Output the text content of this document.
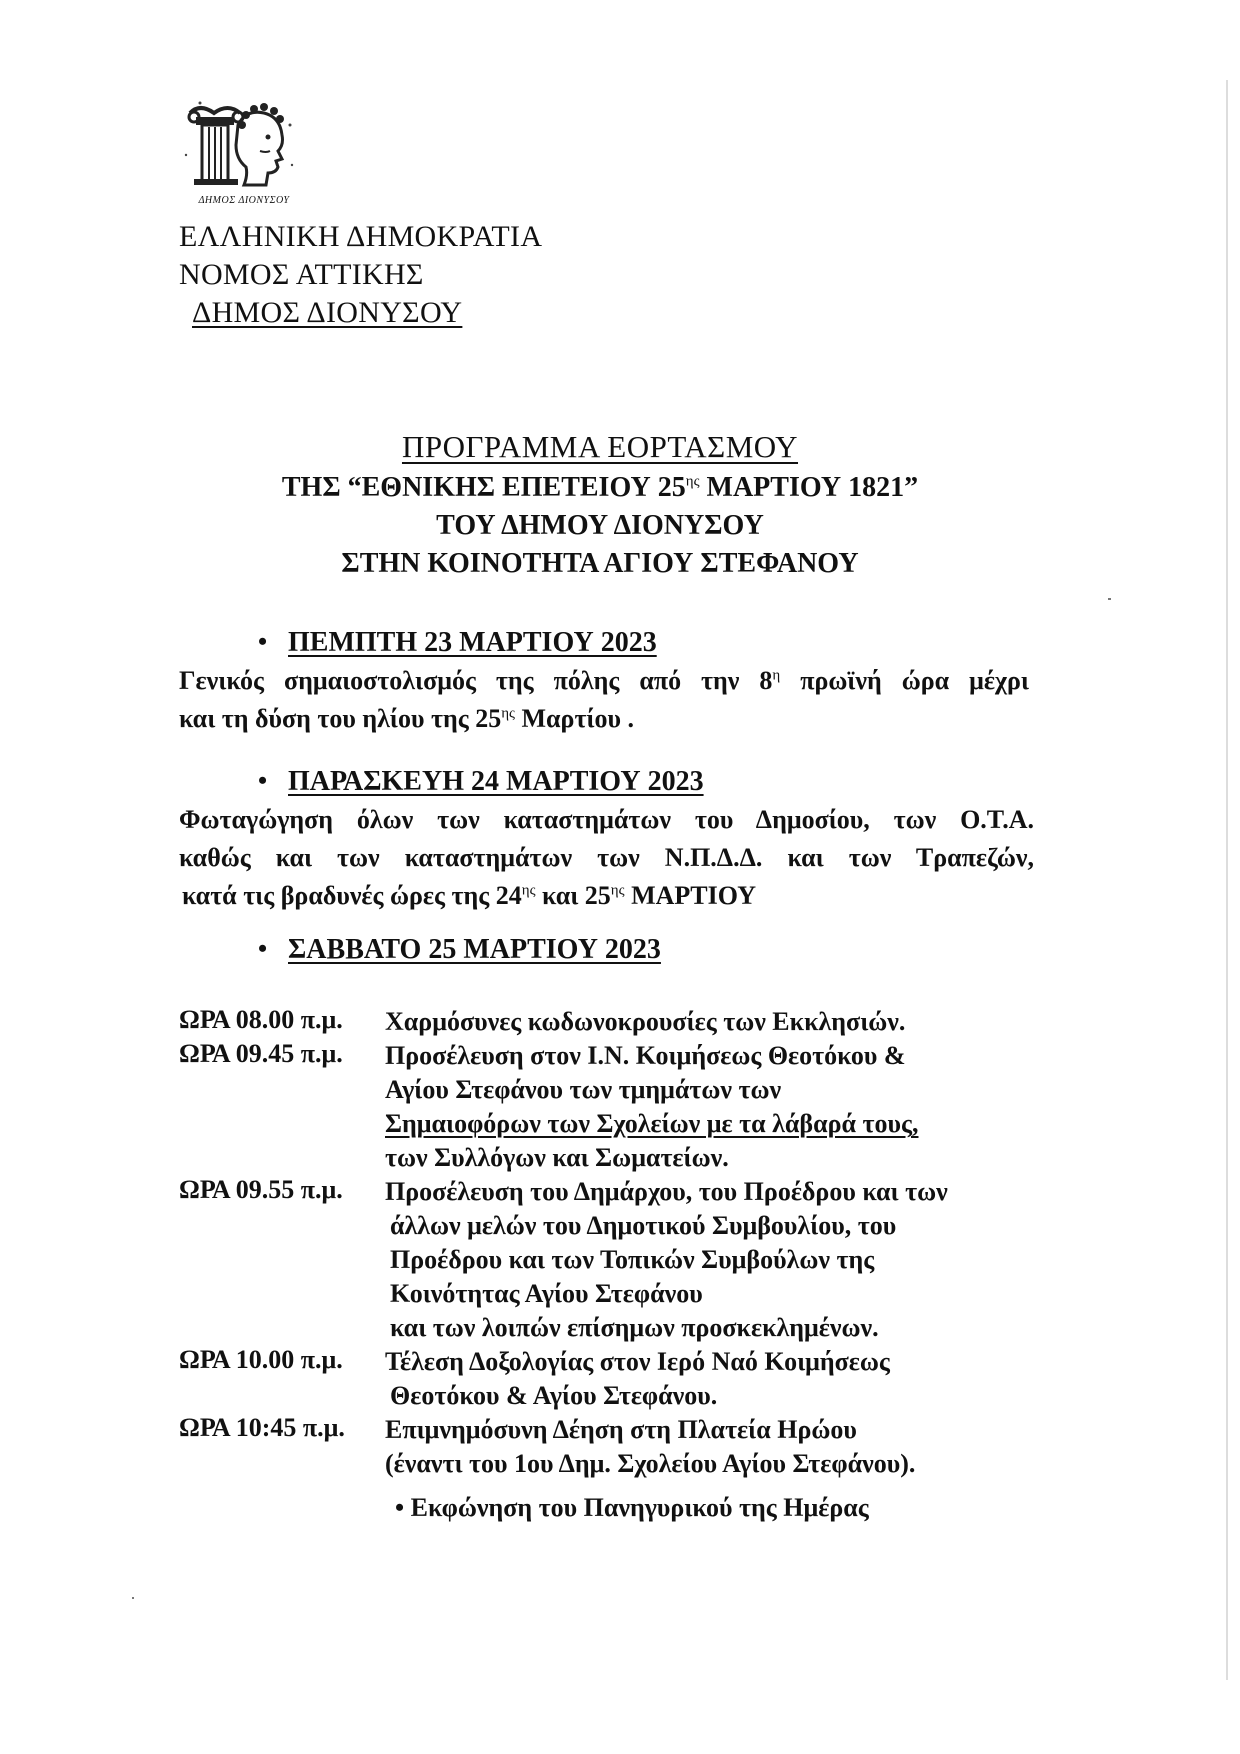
ΔΗΜΟΣ ΔΙΟΝΥΣΟΥ
ΕΛΛΗΝΙΚΗ ΔΗΜΟΚΡΑΤΙΑ
ΝΟΜΟΣ ΑΤΤΙΚΗΣ
ΔΗΜΟΣ ΔΙΟΝΥΣΟΥ
ΠΡΟΓΡΑΜΜΑ ΕΟΡΤΑΣΜΟΥ
ΤΗΣ “ΕΘΝΙΚΗΣ ΕΠΕΤΕΙΟΥ $25^{\eta\varsigma}$ ΜΑΡΤΙΟΥ 1821”
ΤΟΥ ΔΗΜΟΥ ΔΙΟΝΥΣΟΥ
ΣΤΗΝ ΚΟΙΝΟΤΗΤΑ ΑΓΙΟΥ ΣΤΕΦΑΝΟΥ
• ΠΕΜΠΤΗ 23 ΜΑΡΤΙΟΥ 2023
Γενικός σημαιοστολισμός της πόλης από την $8^\eta$ πρωϊνή ώρα μέχρι
και τη δύση του ηλίου της $25^{\eta\varsigma}$ Μαρτίου .
• ΠΑΡΑΣΚΕΥΗ 24 ΜΑΡΤΙΟΥ 2023
Φωταγώγηση όλων των καταστημάτων του Δημοσίου, των Ο.Τ.Α.
καθώς και των καταστημάτων των Ν.Π.Δ.Δ. και των Τραπεζών,
κατά τις βραδυνές ώρες της $24^{\eta\varsigma}$ και $25^{\eta\varsigma}$ ΜΑΡΤΙΟΥ
• ΣΑΒΒΑΤΟ 25 ΜΑΡΤΙΟΥ 2023
ΩΡΑ 08.00 π.μ.	Χαρμόσυνες κωδωνοκρουσίες των Εκκλησιών.
ΩΡΑ 09.45 π.μ.	Προσέλευση στον Ι.Ν. Κοιμήσεως Θεοτόκου &
Αγίου Στεφάνου των τμημάτων των
Σημαιοφόρων των Σχολείων με τα λάβαρά τους,
των Συλλόγων και Σωματείων.
ΩΡΑ 09.55 π.μ.	Προσέλευση του Δημάρχου, του Προέδρου και των
άλλων μελών του Δημοτικού Συμβουλίου, του
Προέδρου και των Τοπικών Συμβούλων της
Κοινότητας Αγίου Στεφάνου
και των λοιπών επίσημων προσκεκλημένων.
ΩΡΑ 10.00 π.μ.	Τέλεση Δοξολογίας στον Ιερό Ναό Κοιμήσεως
Θεοτόκου & Αγίου Στεφάνου.
ΩΡΑ 10:45 π.μ.	Επιμνημόσυνη Δέηση στη Πλατεία Ηρώου
(έναντι του 1ου Δημ. Σχολείου Αγίου Στεφάνου).
• Εκφώνηση του Πανηγυρικού της Ημέρας
